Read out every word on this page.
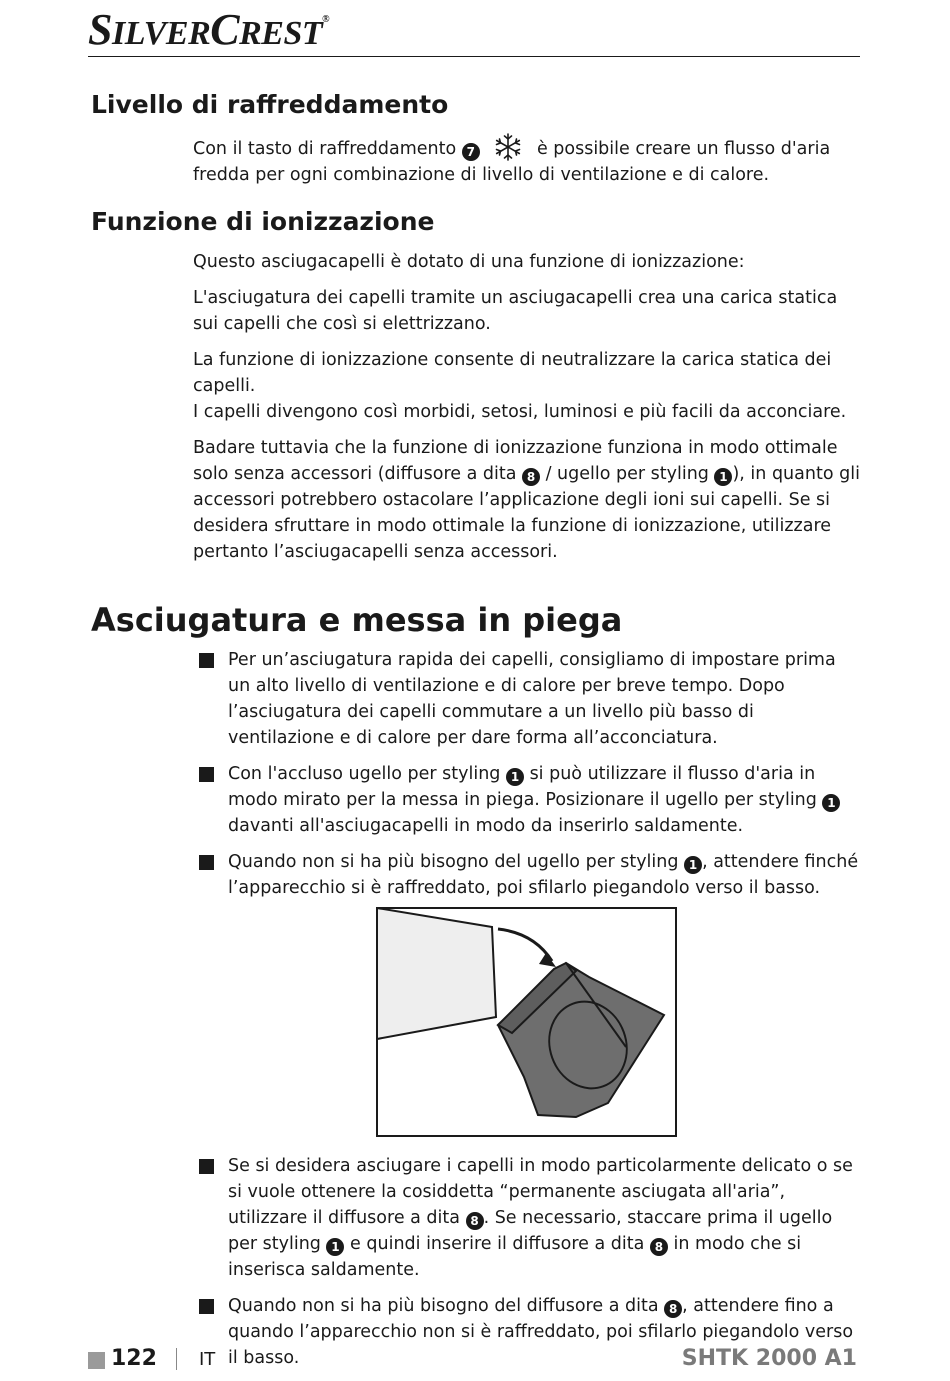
SILVERCREST®
Livello di raffreddamento

Con il tasto di raffreddamento 7	è possibile creare un flusso d'aria fredda per ogni combinazione di livello di ventilazione e di calore.

Funzione di ionizzazione

Questo asciugacapelli è dotato di una funzione di ionizzazione:

L'asciugatura dei capelli tramite un asciugacapelli crea una carica statica sui capelli che così si elettrizzano.

La funzione di ionizzazione consente di neutralizzare la carica statica dei capelli.
I capelli divengono così morbidi, setosi, luminosi e più facili da acconciare.

Badare tuttavia che la funzione di ionizzazione funziona in modo ottimale solo senza accessori (diffusore a dita 8 / ugello per styling 1 ), in quanto gli accessori potrebbero ostacolare l’applicazione degli ioni sui capelli. Se si desidera sfruttare in modo ottimale la funzione di ionizzazione, utilizzare pertanto l’asciugacapelli senza accessori.

Asciugatura e messa in piega
Per un’asciugatura rapida dei capelli, consigliamo di impostare prima un alto livello di ventilazione e di calore per breve tempo. Dopo l’asciugatura dei capelli commutare a un livello più basso di ventilazione e di calore per dare forma all’acconciatura.
Con l'accluso ugello per styling 1 si può utilizzare il flusso d'aria in modo mirato per la messa in piega. Posizionare il ugello per styling 1 davanti all'asciugacapelli in modo da inserirlo saldamente.
Quando non si ha più bisogno del ugello per styling 1 , attendere finché l’apparecchio si è raffreddato, poi sfilarlo piegandolo verso il basso.
Se si desidera asciugare i capelli in modo particolarmente delicato o se si vuole ottenere la cosiddetta “permanente asciugata all'aria”, utilizzare il diffusore a dita 8 . Se necessario, staccare prima il ugello per styling 1 e quindi inserire il diffusore a dita 8 in modo che si inserisca saldamente.
Quando non si ha più bisogno del diffusore a dita 8 , attendere fino a quando l’apparecchio non si è raffreddato, poi sfilarlo piegandolo verso il basso.
122 IT	SHTK 2000 A1
